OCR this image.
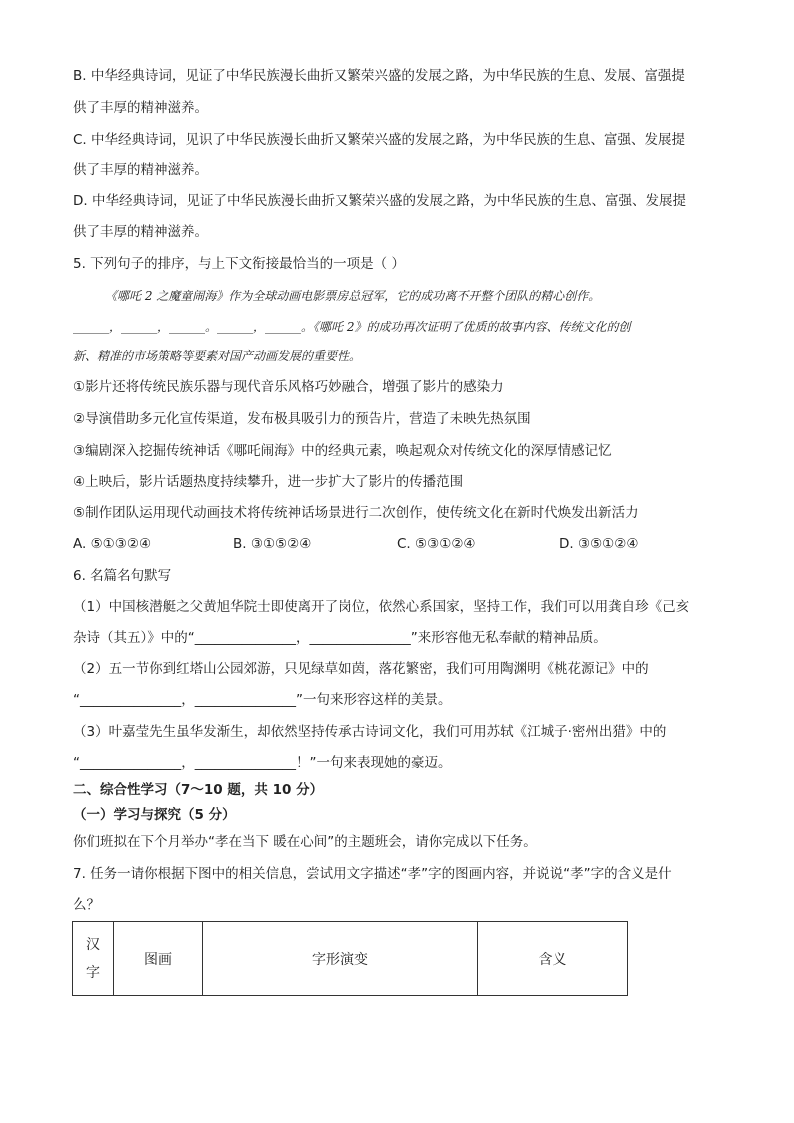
B. 中华经典诗词，见证了中华民族漫长曲折又繁荣兴盛的发展之路，为中华民族的生息、发展、富强提
供了丰厚的精神滋养。
C. 中华经典诗词，见识了中华民族漫长曲折又繁荣兴盛的发展之路，为中华民族的生息、富强、发展提
供了丰厚的精神滋养。
D. 中华经典诗词，见证了中华民族漫长曲折又繁荣兴盛的发展之路，为中华民族的生息、富强、发展提
供了丰厚的精神滋养。
5. 下列句子的排序，与上下文衔接最恰当的一项是（ ）
《哪吒 2 之魔童闹海》作为全球动画电影票房总冠军，它的成功离不开整个团队的精心创作。
______，______，______。______，______。《哪吒 2》的成功再次证明了优质的故事内容、传统文化的创
新、精准的市场策略等要素对国产动画发展的重要性。
①影片还将传统民族乐器与现代音乐风格巧妙融合，增强了影片的感染力
②导演借助多元化宣传渠道，发布极具吸引力的预告片，营造了未映先热氛围
③编剧深入挖掘传统神话《哪吒闹海》中的经典元素，唤起观众对传统文化的深厚情感记忆
④上映后，影片话题热度持续攀升，进一步扩大了影片的传播范围
⑤制作团队运用现代动画技术将传统神话场景进行二次创作，使传统文化在新时代焕发出新活力
A. ⑤①③②④	B. ③①⑤②④	C. ⑤③①②④	D. ③⑤①②④
6. 名篇名句默写
（1）中国核潜艇之父黄旭华院士即使离开了岗位，依然心系国家，坚持工作，我们可以用龚自珍《己亥
杂诗（其五）》中的“_______________，_______________”来形容他无私奉献的精神品质。
（2）五一节你到红塔山公园郊游，只见绿草如茵，落花繁密，我们可用陶渊明《桃花源记》中的
“_______________，_______________”一句来形容这样的美景。
（3）叶嘉莹先生虽华发渐生，却依然坚持传承古诗词文化，我们可用苏轼《江城子·密州出猎》中的
“_______________，_______________！”一句来表现她的豪迈。
二、综合性学习（7～10 题，共 10 分）
（一）学习与探究（5 分）
你们班拟在下个月举办“孝在当下 暖在心间”的主题班会，请你完成以下任务。
7. 任务一请你根据下图中的相关信息，尝试用文字描述“孝”字的图画内容，并说说“孝”字的含义是什
么？
汉
字
	图画	字形演变	含义
